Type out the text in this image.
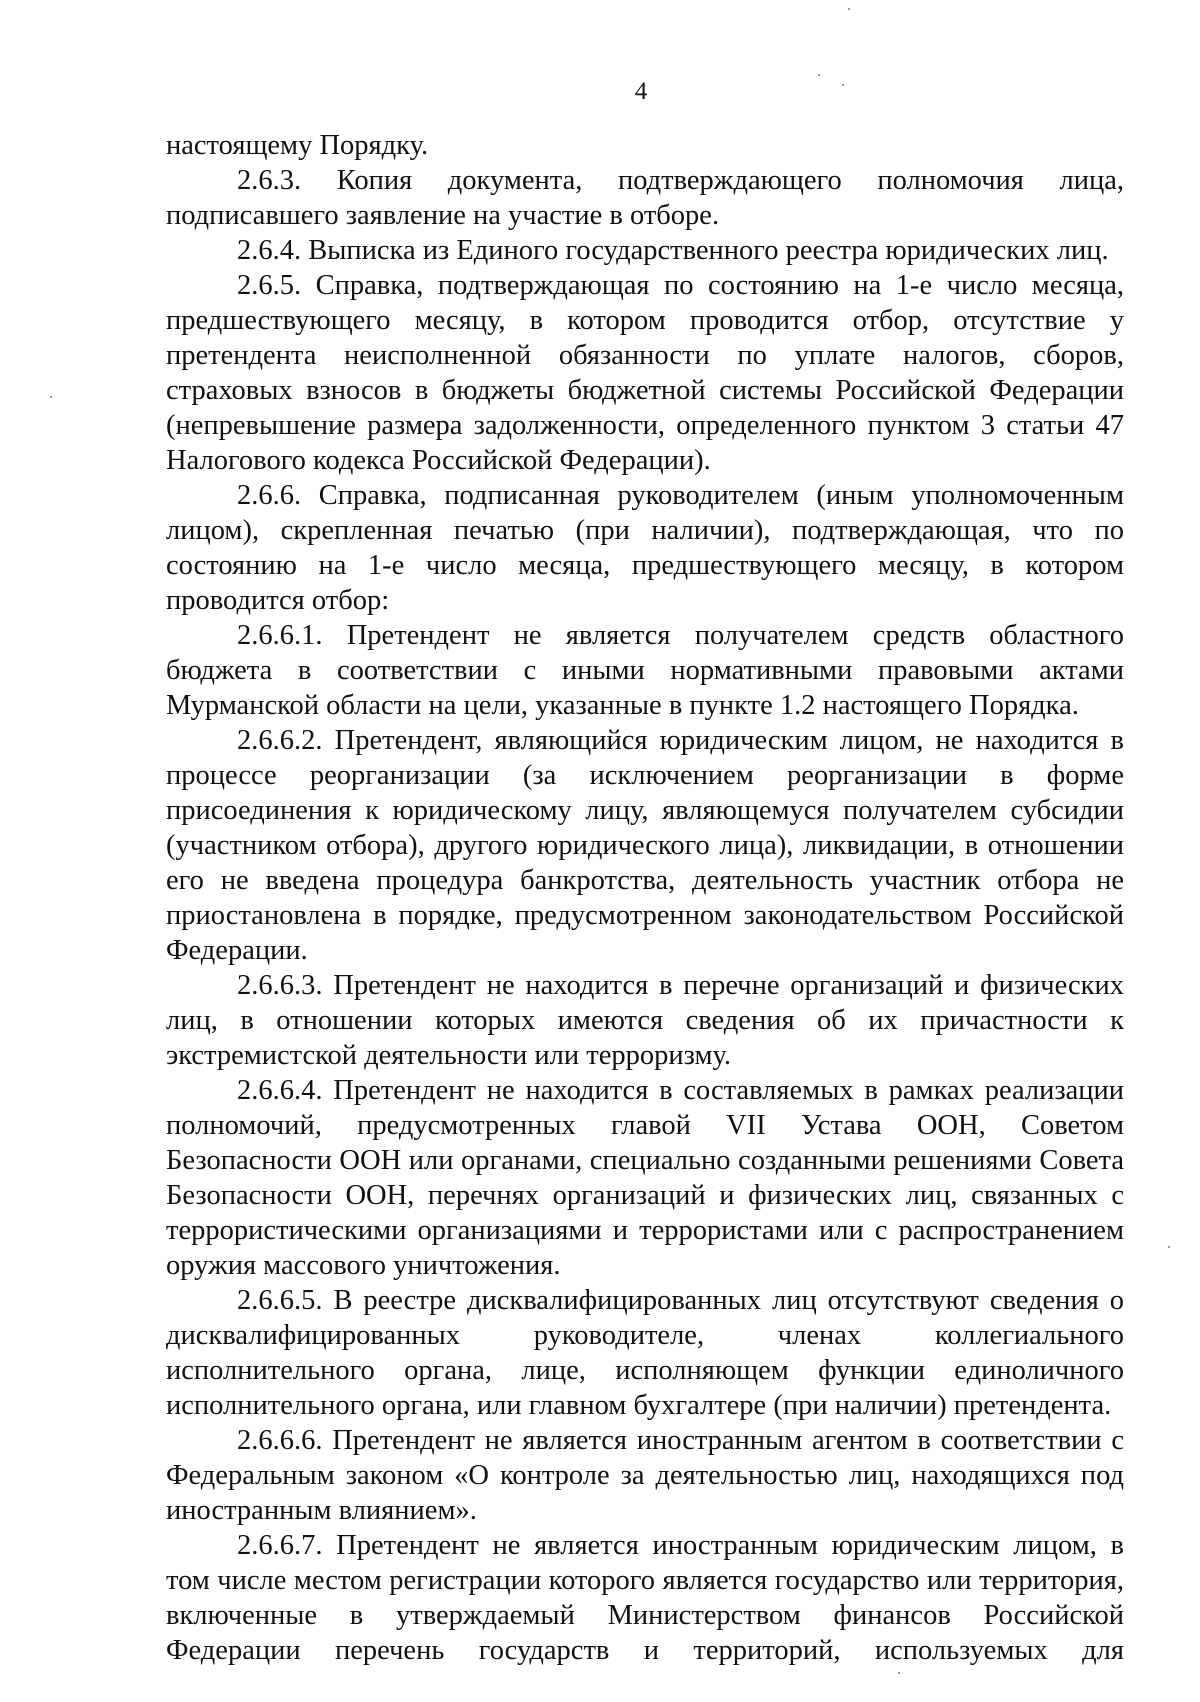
4

настоящему Порядку.

2.6.3. Копия документа, подтверждающего полномочия лица, подписавшего заявление на участие в отборе.

2.6.4. Выписка из Единого государственного реестра юридических лиц.

2.6.5. Справка, подтверждающая по состоянию на 1-е число месяца, предшествующего месяцу, в котором проводится отбор, отсутствие у претендента неисполненной обязанности по уплате налогов, сборов, страховых взносов в бюджеты бюджетной системы Российской Федерации (непревышение размера задолженности, определенного пунктом 3 статьи 47 Налогового кодекса Российской Федерации).

2.6.6. Справка, подписанная руководителем (иным уполномоченным лицом), скрепленная печатью (при наличии), подтверждающая, что по состоянию на 1-е число месяца, предшествующего месяцу, в котором проводится отбор:

2.6.6.1. Претендент не является получателем средств областного бюджета в соответствии с иными нормативными правовыми актами Мурманской области на цели, указанные в пункте 1.2 настоящего Порядка.

2.6.6.2. Претендент, являющийся юридическим лицом, не находится в процессе реорганизации (за исключением реорганизации в форме присоединения к юридическому лицу, являющемуся получателем субсидии (участником отбора), другого юридического лица), ликвидации, в отношении его не введена процедура банкротства, деятельность участник отбора не приостановлена в порядке, предусмотренном законодательством Российской Федерации.

2.6.6.3. Претендент не находится в перечне организаций и физических лиц, в отношении которых имеются сведения об их причастности к экстремистской деятельности или терроризму.

2.6.6.4. Претендент не находится в составляемых в рамках реализации полномочий, предусмотренных главой VII Устава ООН, Советом Безопасности ООН или органами, специально созданными решениями Совета Безопасности ООН, перечнях организаций и физических лиц, связанных с террористическими организациями и террористами или с распространением оружия массового уничтожения.

2.6.6.5. В реестре дисквалифицированных лиц отсутствуют сведения о дисквалифицированных руководителе, членах коллегиального исполнительного органа, лице, исполняющем функции единоличного исполнительного органа, или главном бухгалтере (при наличии) претендента.

2.6.6.6. Претендент не является иностранным агентом в соответствии с Федеральным законом «О контроле за деятельностью лиц, находящихся под иностранным влиянием».

2.6.6.7. Претендент не является иностранным юридическим лицом, в том числе местом регистрации которого является государство или территория, включенные в утверждаемый Министерством финансов Российской Федерации перечень государств и территорий, используемых для
